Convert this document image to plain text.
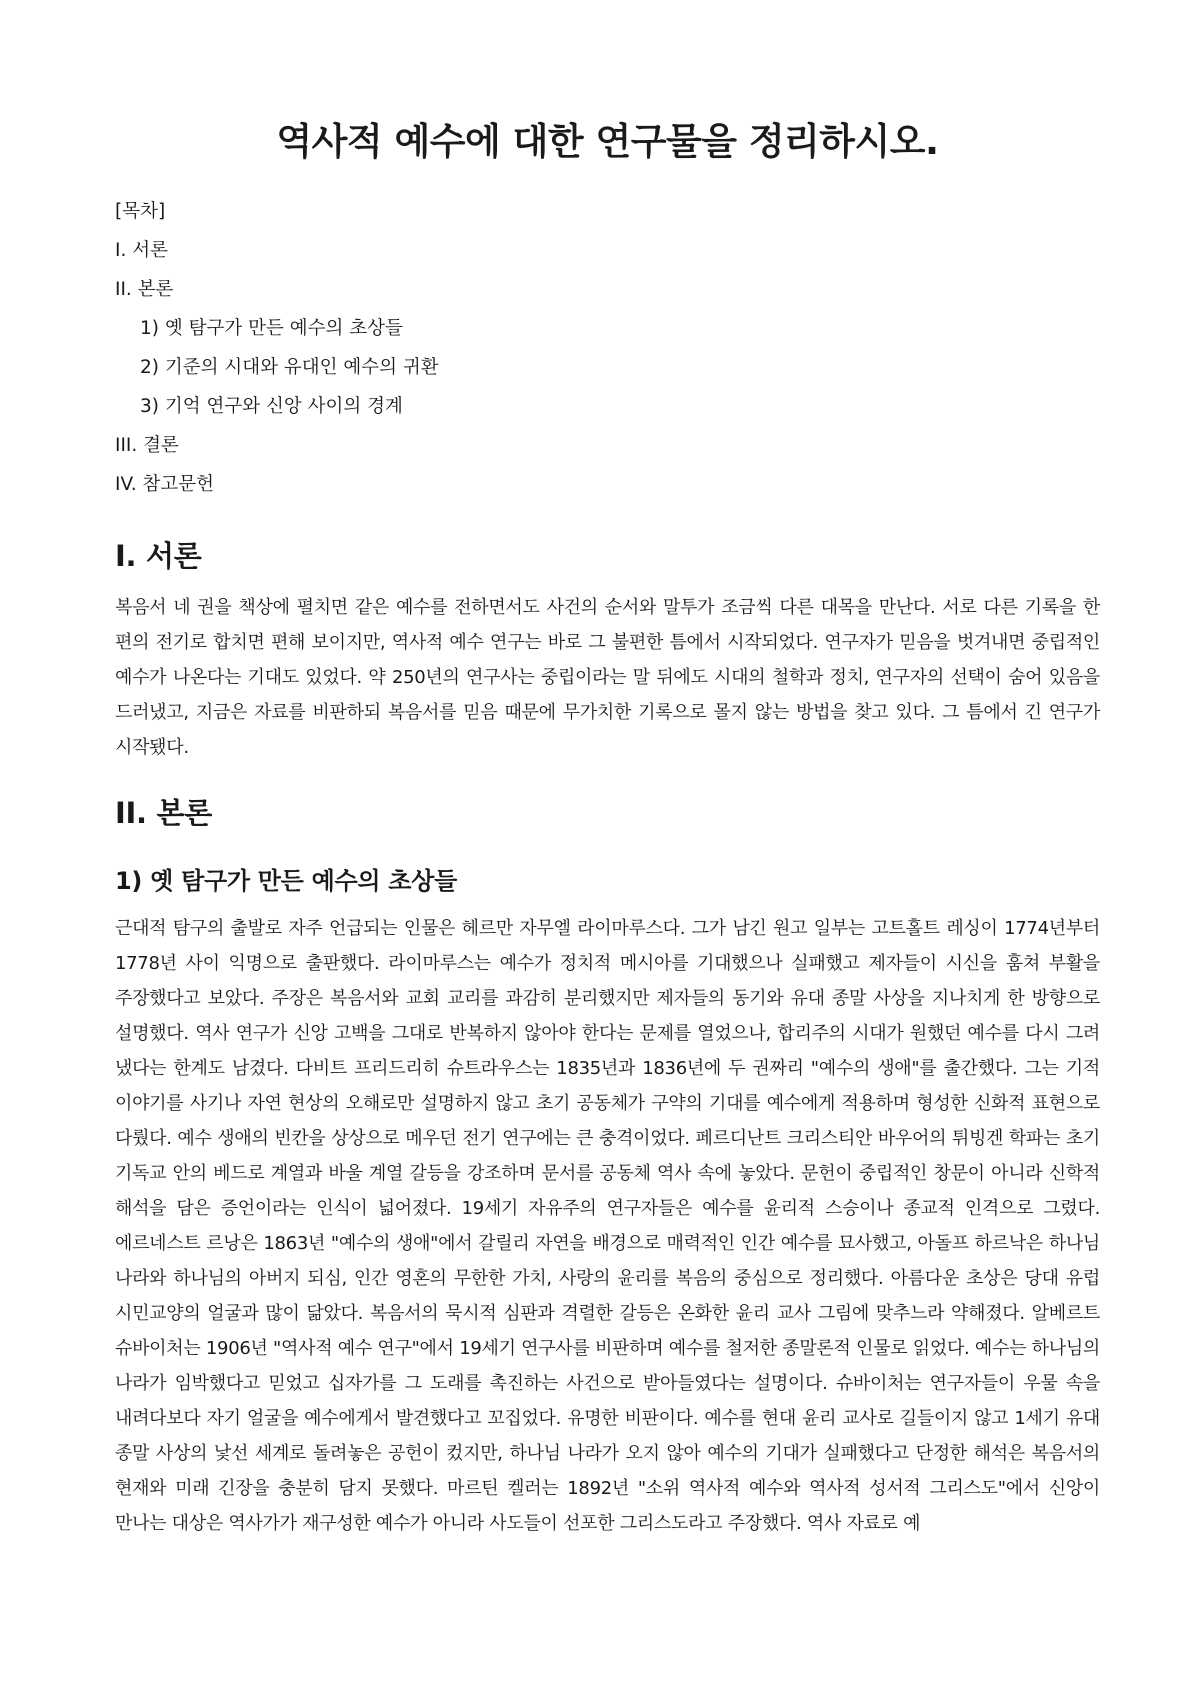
역사적 예수에 대한 연구물을 정리하시오.
[목차]
I. 서론
II. 본론
1) 옛 탐구가 만든 예수의 초상들
2) 기준의 시대와 유대인 예수의 귀환
3) 기억 연구와 신앙 사이의 경계
III. 결론
IV. 참고문헌
I. 서론

복음서 네 권을 책상에 펼치면 같은 예수를 전하면서도 사건의 순서와 말투가 조금씩 다른 대목을 만난다. 서로 다른 기록을 한 편의 전기로 합치면 편해 보이지만, 역사적 예수 연구는 바로 그 불편한 틈에서 시작되었다. 연구자가 믿음을 벗겨내면 중립적인 예수가 나온다는 기대도 있었다. 약 250년의 연구사는 중립이라는 말 뒤에도 시대의 철학과 정치, 연구자의 선택이 숨어 있음을 드러냈고, 지금은 자료를 비판하되 복음서를 믿음 때문에 무가치한 기록으로 몰지 않는 방법을 찾고 있다. 그 틈에서 긴 연구가 시작됐다.

II. 본론
1) 옛 탐구가 만든 예수의 초상들

근대적 탐구의 출발로 자주 언급되는 인물은 헤르만 자무엘 라이마루스다. 그가 남긴 원고 일부는 고트홀트 레싱이 1774년부터 1778년 사이 익명으로 출판했다. 라이마루스는 예수가 정치적 메시아를 기대했으나 실패했고 제자들이 시신을 훔쳐 부활을 주장했다고 보았다. 주장은 복음서와 교회 교리를 과감히 분리했지만 제자들의 동기와 유대 종말 사상을 지나치게 한 방향으로 설명했다. 역사 연구가 신앙 고백을 그대로 반복하지 않아야 한다는 문제를 열었으나, 합리주의 시대가 원했던 예수를 다시 그려 냈다는 한계도 남겼다. 다비트 프리드리히 슈트라우스는 1835년과 1836년에 두 권짜리 "예수의 생애"를 출간했다. 그는 기적 이야기를 사기나 자연 현상의 오해로만 설명하지 않고 초기 공동체가 구약의 기대를 예수에게 적용하며 형성한 신화적 표현으로 다뤘다. 예수 생애의 빈칸을 상상으로 메우던 전기 연구에는 큰 충격이었다. 페르디난트 크리스티안 바우어의 튀빙겐 학파는 초기 기독교 안의 베드로 계열과 바울 계열 갈등을 강조하며 문서를 공동체 역사 속에 놓았다. 문헌이 중립적인 창문이 아니라 신학적 해석을 담은 증언이라는 인식이 넓어졌다. 19세기 자유주의 연구자들은 예수를 윤리적 스승이나 종교적 인격으로 그렸다. 에르네스트 르낭은 1863년 "예수의 생애"에서 갈릴리 자연을 배경으로 매력적인 인간 예수를 묘사했고, 아돌프 하르낙은 하나님 나라와 하나님의 아버지 되심, 인간 영혼의 무한한 가치, 사랑의 윤리를 복음의 중심으로 정리했다. 아름다운 초상은 당대 유럽 시민교양의 얼굴과 많이 닮았다. 복음서의 묵시적 심판과 격렬한 갈등은 온화한 윤리 교사 그림에 맞추느라 약해졌다. 알베르트 슈바이처는 1906년 "역사적 예수 연구"에서 19세기 연구사를 비판하며 예수를 철저한 종말론적 인물로 읽었다. 예수는 하나님의 나라가 임박했다고 믿었고 십자가를 그 도래를 촉진하는 사건으로 받아들였다는 설명이다. 슈바이처는 연구자들이 우물 속을 내려다보다 자기 얼굴을 예수에게서 발견했다고 꼬집었다. 유명한 비판이다. 예수를 현대 윤리 교사로 길들이지 않고 1세기 유대 종말 사상의 낯선 세계로 돌려놓은 공헌이 컸지만, 하나님 나라가 오지 않아 예수의 기대가 실패했다고 단정한 해석은 복음서의 현재와 미래 긴장을 충분히 담지 못했다. 마르틴 켈러는 1892년 "소위 역사적 예수와 역사적 성서적 그리스도"에서 신앙이 만나는 대상은 역사가가 재구성한 예수가 아니라 사도들이 선포한 그리스도라고 주장했다. 역사 자료로 예
